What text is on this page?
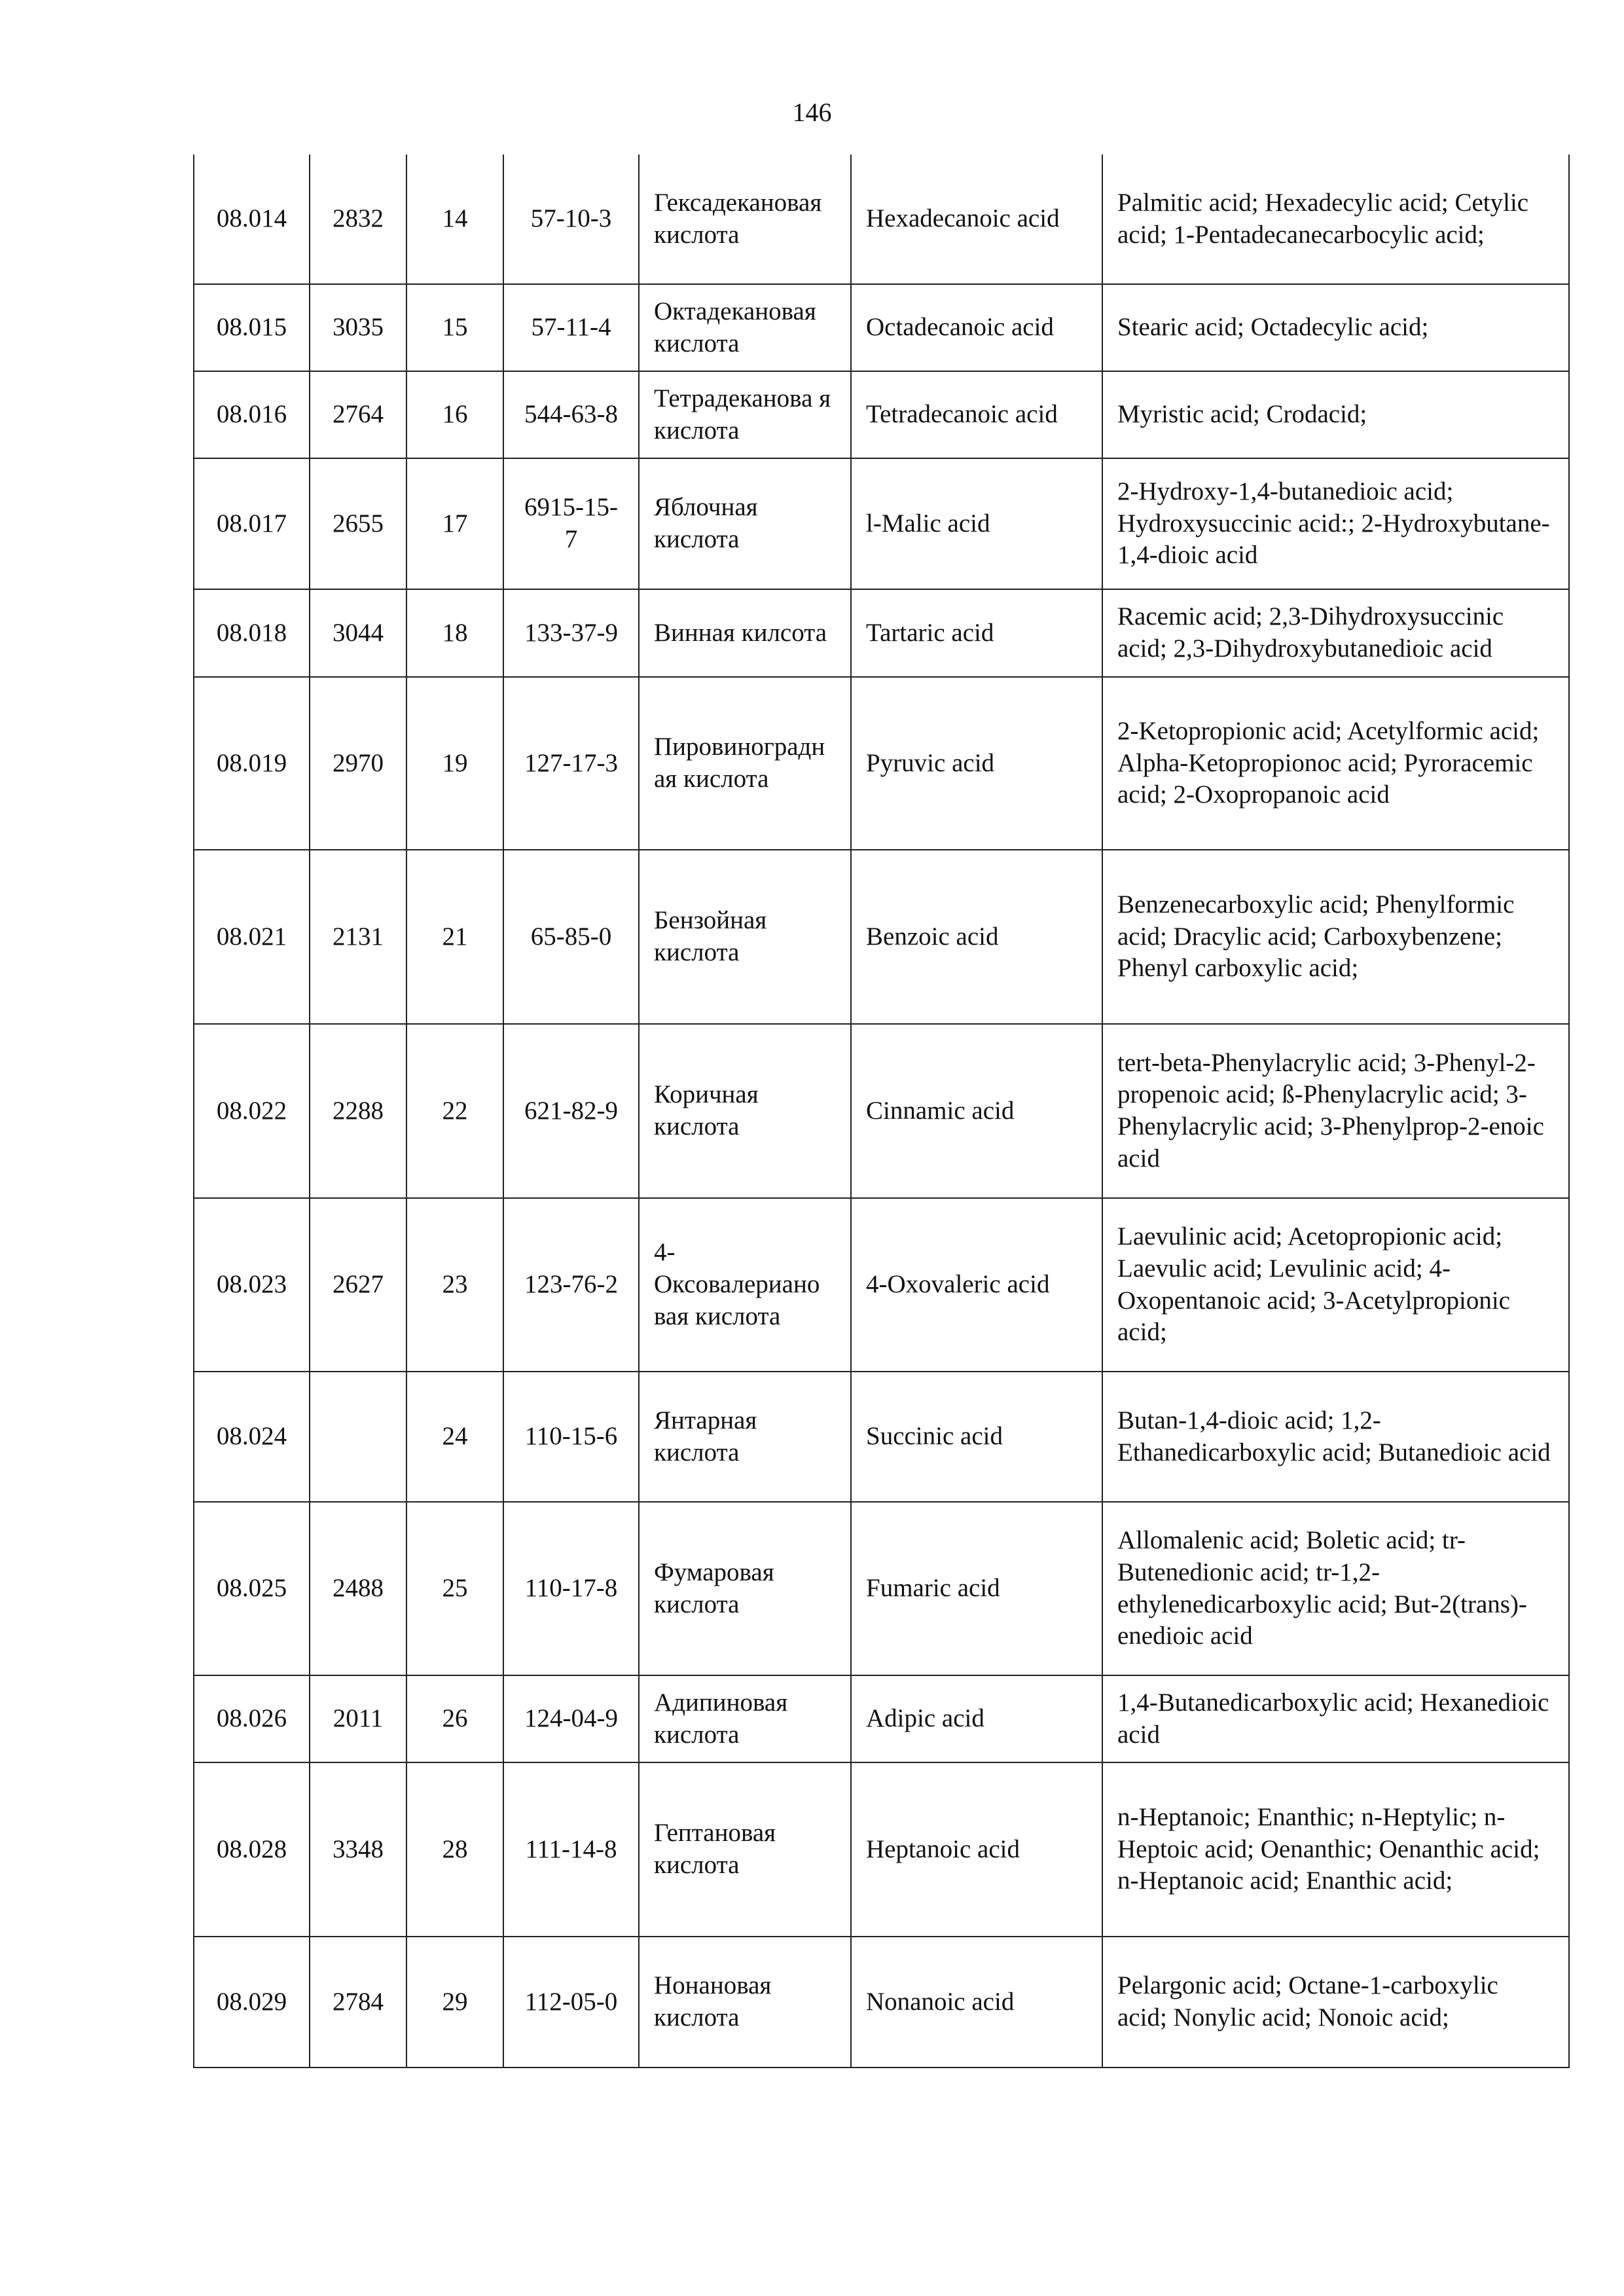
146
08.014	2832	14	57-10-3	Гексадекановая кислота	Hexadecanoic acid	Palmitic acid; Hexadecylic acid; Cetylic acid; 1-Pentadecanecarbocylic acid;
08.015	3035	15	57-11-4	Октадекановая кислота	Octadecanoic acid	Stearic acid; Octadecylic acid;
08.016	2764	16	544-63-8	Тетрадеканова я кислота	Tetradecanoic acid	Myristic acid; Crodacid;
08.017	2655	17	6915-15-7	Яблочная кислота	l-Malic acid	2-Hydroxy-1,4-butanedioic acid; Hydroxysuccinic acid:; 2-Hydroxybutane-1,4-dioic acid
08.018	3044	18	133-37-9	Винная килсота	Tartaric acid	Racemic acid; 2,3-Dihydroxysuccinic acid; 2,3-Dihydroxybutanedioic acid
08.019	2970	19	127-17-3	Пировиноградн ая кислота	Pyruvic acid	2-Ketopropionic acid; Acetylformic acid; Alpha-Ketopropionoc acid; Pyroracemic acid; 2-Oxopropanoic acid
08.021	2131	21	65-85-0	Бензойная кислота	Benzoic acid	Benzenecarboxylic acid; Phenylformic acid; Dracylic acid; Carboxybenzene; Phenyl carboxylic acid;
08.022	2288	22	621-82-9	Коричная кислота	Cinnamic acid	tert-beta-Phenylacrylic acid; 3-Phenyl-2-propenoic acid; ß-Phenylacrylic acid; 3-Phenylacrylic acid; 3-Phenylprop-2-enoic acid
08.023	2627	23	123-76-2	4-Оксовалериано вая кислота	4-Oxovaleric acid	Laevulinic acid; Acetopropionic acid; Laevulic acid; Levulinic acid; 4-Oxopentanoic acid; 3-Acetylpropionic acid;
08.024		24	110-15-6	Янтарная кислота	Succinic acid	Butan-1,4-dioic acid; 1,2-Ethanedicarboxylic acid; Butanedioic acid
08.025	2488	25	110-17-8	Фумаровая кислота	Fumaric acid	Allomalenic acid; Boletic acid; tr-Butenedionic acid; tr-1,2-ethylenedicarboxylic acid; But-2(trans)-enedioic acid
08.026	2011	26	124-04-9	Адипиновая кислота	Adipic acid	1,4-Butanedicarboxylic acid; Hexanedioic acid
08.028	3348	28	111-14-8	Гептановая кислота	Heptanoic acid	n-Heptanoic; Enanthic; n-Heptylic; n-Heptoic acid; Oenanthic; Oenanthic acid; n-Heptanoic acid; Enanthic acid;
08.029	2784	29	112-05-0	Нонановая кислота	Nonanoic acid	Pelargonic acid; Octane-1-carboxylic acid; Nonylic acid; Nonoic acid;
